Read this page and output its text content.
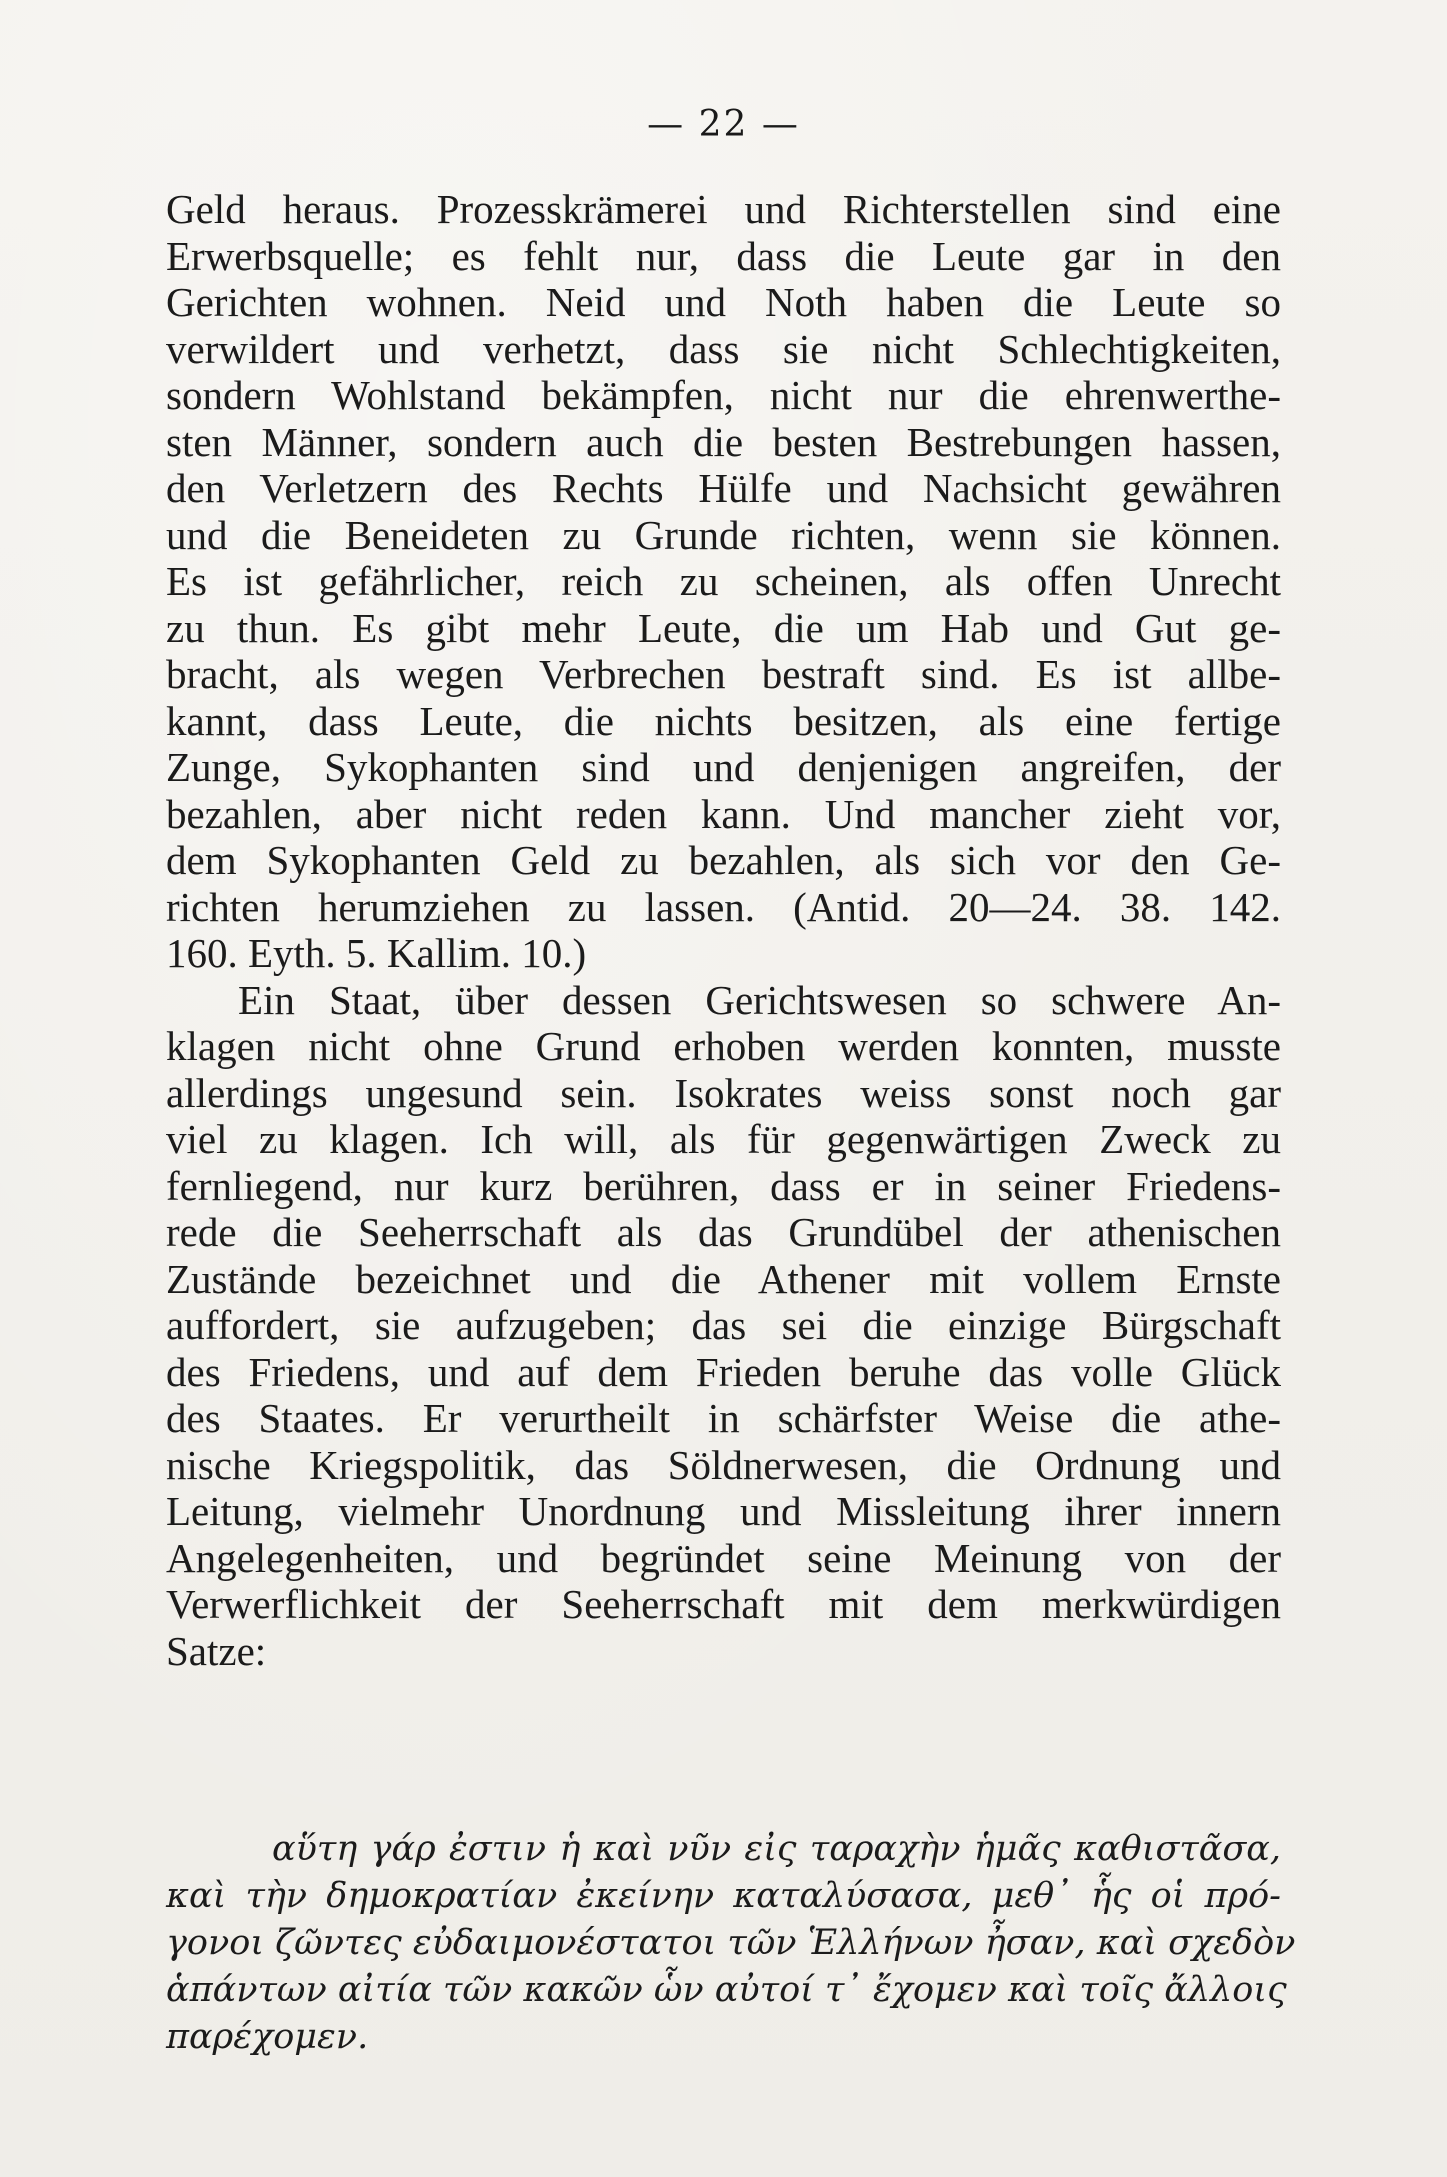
— 22 —
Geld heraus. Prozesskrämerei und Richterstellen sind eine
Erwerbsquelle; es fehlt nur, dass die Leute gar in den
Gerichten wohnen. Neid und Noth haben die Leute so
verwildert und verhetzt, dass sie nicht Schlechtigkeiten,
sondern Wohlstand bekämpfen, nicht nur die ehrenwerthe-
sten Männer, sondern auch die besten Bestrebungen hassen,
den Verletzern des Rechts Hülfe und Nachsicht gewähren
und die Beneideten zu Grunde richten, wenn sie können.
Es ist gefährlicher, reich zu scheinen, als offen Unrecht
zu thun. Es gibt mehr Leute, die um Hab und Gut ge-
bracht, als wegen Verbrechen bestraft sind. Es ist allbe-
kannt, dass Leute, die nichts besitzen, als eine fertige
Zunge, Sykophanten sind und denjenigen angreifen, der
bezahlen, aber nicht reden kann. Und mancher zieht vor,
dem Sykophanten Geld zu bezahlen, als sich vor den Ge-
richten herumziehen zu lassen. (Antid. 20—24. 38. 142.
160. Eyth. 5. Kallim. 10.)
Ein Staat, über dessen Gerichtswesen so schwere An-
klagen nicht ohne Grund erhoben werden konnten, musste
allerdings ungesund sein. Isokrates weiss sonst noch gar
viel zu klagen. Ich will, als für gegenwärtigen Zweck zu
fernliegend, nur kurz berühren, dass er in seiner Friedens-
rede die Seeherrschaft als das Grundübel der athenischen
Zustände bezeichnet und die Athener mit vollem Ernste
auffordert, sie aufzugeben; das sei die einzige Bürgschaft
des Friedens, und auf dem Frieden beruhe das volle Glück
des Staates. Er verurtheilt in schärfster Weise die athe-
nische Kriegspolitik, das Söldnerwesen, die Ordnung und
Leitung, vielmehr Unordnung und Missleitung ihrer innern
Angelegenheiten, und begründet seine Meinung von der
Verwerflichkeit der Seeherrschaft mit dem merkwürdigen
Satze:
αὕτη γάρ ἐστιν ἡ καὶ νῦν εἰς ταραχὴν ἡμᾶς καθιστᾶσα,
καὶ τὴν δημοκρατίαν ἐκείνην καταλύσασα, μεθ᾽ ἧς οἱ πρό-
γονοι ζῶντες εὐδαιμονέστατοι τῶν Ἑλλήνων ἦσαν, καὶ σχεδὸν
ἁπάντων αἰτία τῶν κακῶν ὧν αὐτοί τ᾽ ἔχομεν καὶ τοῖς ἄλλοις
παρέχομεν.
